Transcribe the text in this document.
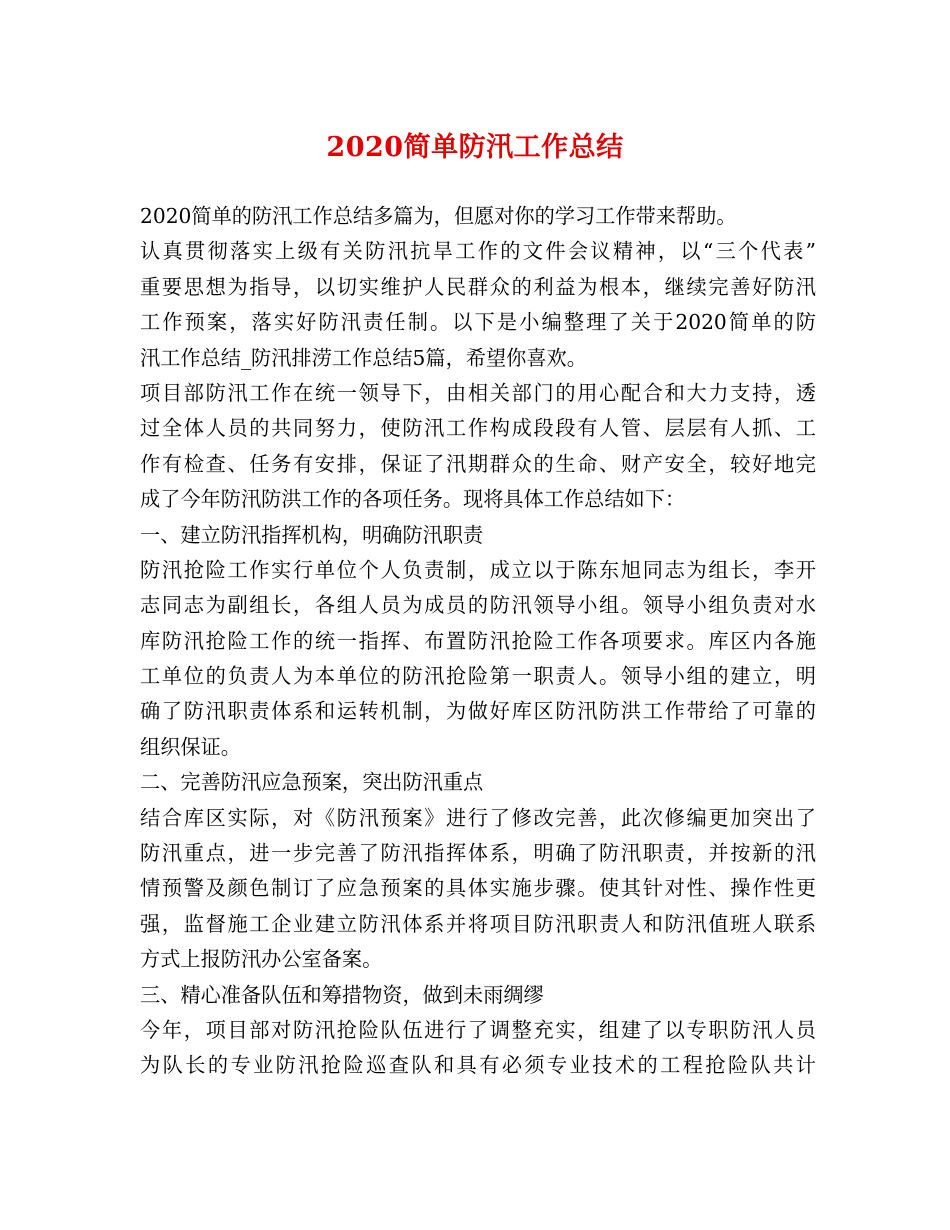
2020简单防汛工作总结
2020简单的防汛工作总结多篇为，但愿对你的学习工作带来帮助。
认真贯彻落实上级有关防汛抗旱工作的文件会议精神，以“三个代表”
重要思想为指导，以切实维护人民群众的利益为根本，继续完善好防汛
工作预案，落实好防汛责任制。以下是小编整理了关于2020简单的防
汛工作总结_防汛排涝工作总结5篇，希望你喜欢。
项目部防汛工作在统一领导下，由相关部门的用心配合和大力支持，透
过全体人员的共同努力，使防汛工作构成段段有人管、层层有人抓、工
作有检查、任务有安排，保证了汛期群众的生命、财产安全，较好地完
成了今年防汛防洪工作的各项任务。现将具体工作总结如下：
一、建立防汛指挥机构，明确防汛职责
防汛抢险工作实行单位个人负责制，成立以于陈东旭同志为组长，李开
志同志为副组长，各组人员为成员的防汛领导小组。领导小组负责对水
库防汛抢险工作的统一指挥、布置防汛抢险工作各项要求。库区内各施
工单位的负责人为本单位的防汛抢险第一职责人。领导小组的建立，明
确了防汛职责体系和运转机制，为做好库区防汛防洪工作带给了可靠的
组织保证。
二、完善防汛应急预案，突出防汛重点
结合库区实际，对《防汛预案》进行了修改完善，此次修编更加突出了
防汛重点，进一步完善了防汛指挥体系，明确了防汛职责，并按新的汛
情预警及颜色制订了应急预案的具体实施步骤。使其针对性、操作性更
强，监督施工企业建立防汛体系并将项目防汛职责人和防汛值班人联系
方式上报防汛办公室备案。
三、精心准备队伍和筹措物资，做到未雨绸缪
今年，项目部对防汛抢险队伍进行了调整充实，组建了以专职防汛人员
为队长的专业防汛抢险巡查队和具有必须专业技术的工程抢险队共计
